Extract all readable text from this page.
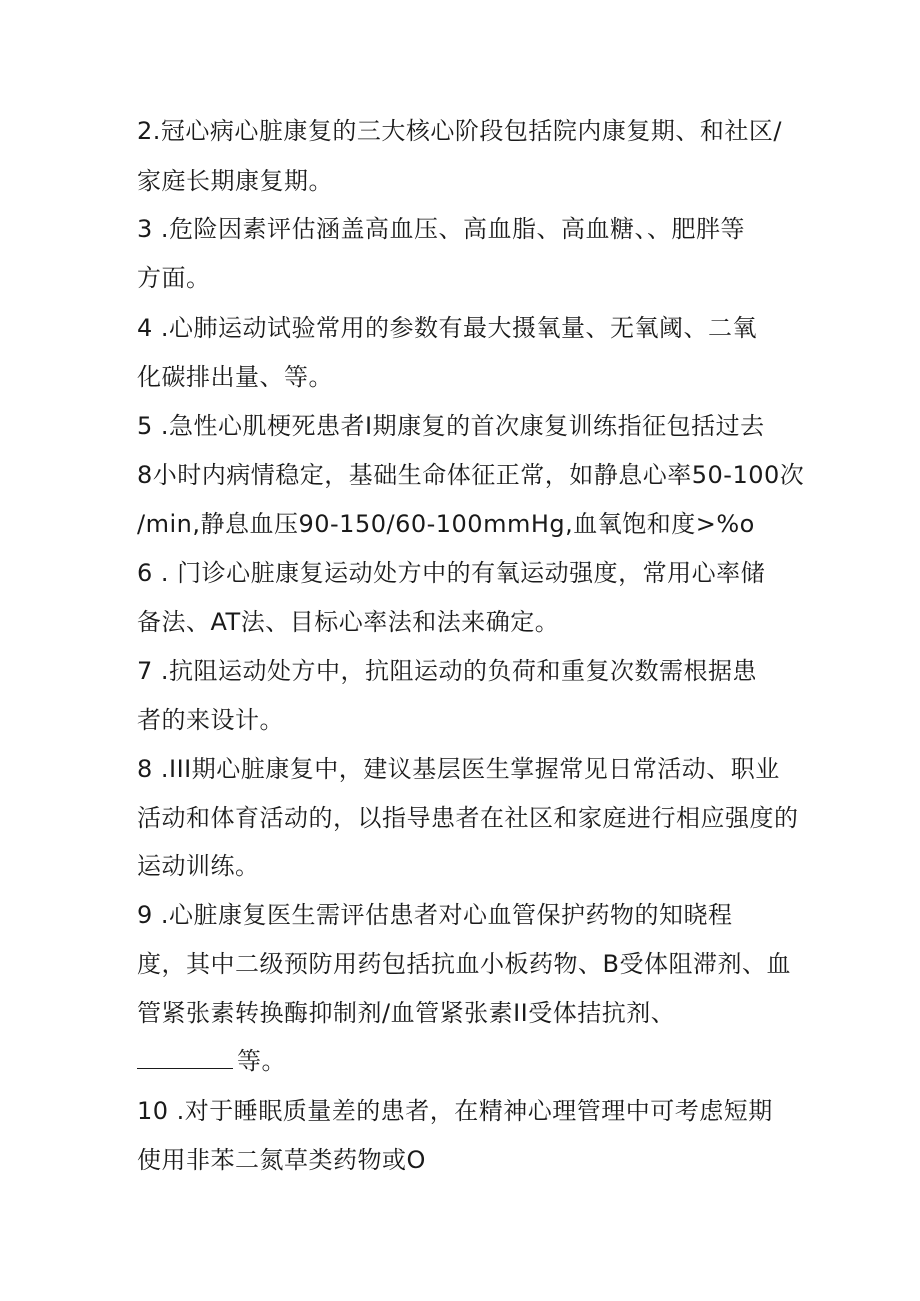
2.冠心病心脏康复的三大核心阶段包括院内康复期、和社区/
家庭长期康复期。
3 .危险因素评估涵盖高血压、高血脂、高血糖、、肥胖等
方面。
4 .心肺运动试验常用的参数有最大摄氧量、无氧阈、二氧
化碳排出量、等。
5 .急性心肌梗死患者I期康复的首次康复训练指征包括过去
8小时内病情稳定，基础生命体征正常，如静息心率50-100次
/min,静息血压90-150/60-100mmHg,血氧饱和度>%o
6 . 门诊心脏康复运动处方中的有氧运动强度，常用心率储
备法、AT法、目标心率法和法来确定。
7 .抗阻运动处方中，抗阻运动的负荷和重复次数需根据患
者的来设计。
8 .III期心脏康复中，建议基层医生掌握常见日常活动、职业
活动和体育活动的，以指导患者在社区和家庭进行相应强度的
运动训练。
9 .心脏康复医生需评估患者对心血管保护药物的知晓程
度，其中二级预防用药包括抗血小板药物、B受体阻滞剂、血
管紧张素转换酶抑制剂/血管紧张素II受体拮抗剂、
等。
10 .对于睡眠质量差的患者，在精神心理管理中可考虑短期
使用非苯二氮草类药物或O
